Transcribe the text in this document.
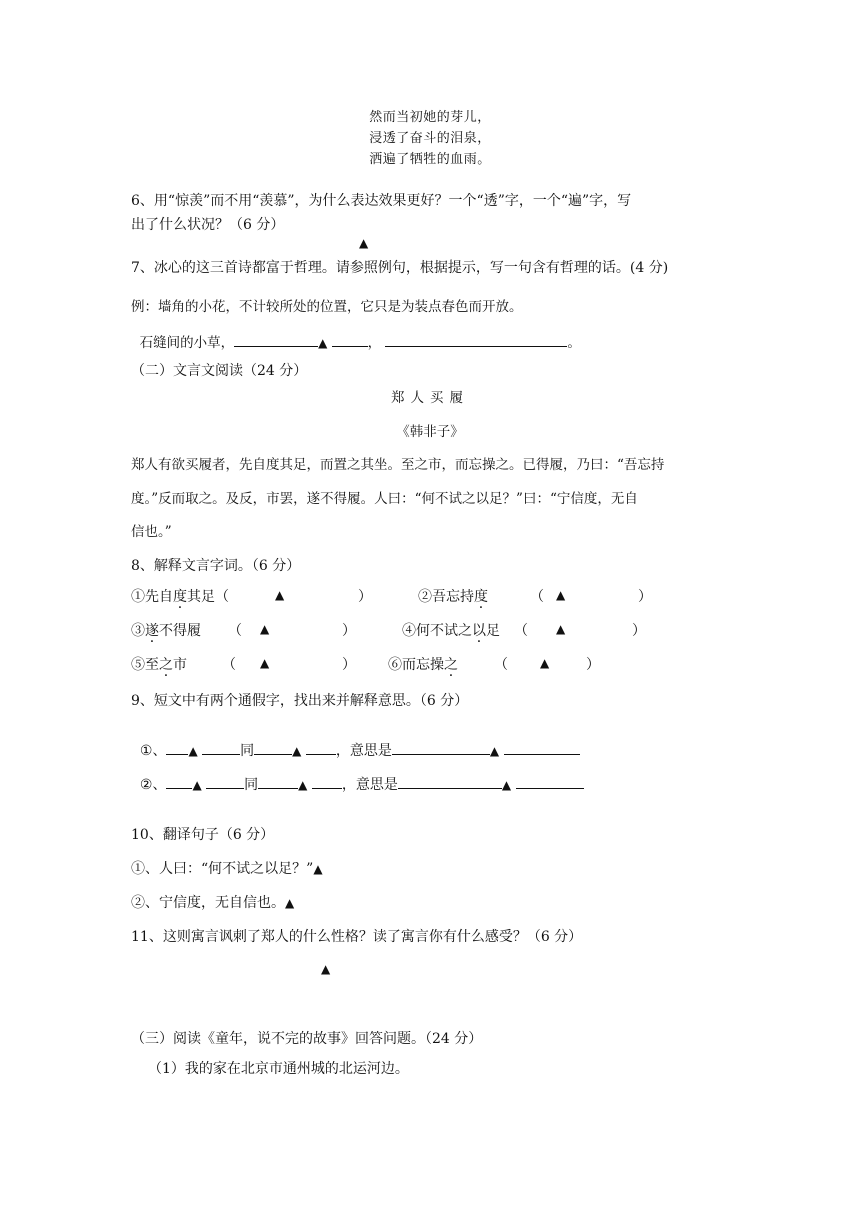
然而当初她的芽儿，
浸透了奋斗的泪泉，
洒遍了牺牲的血雨。
6、用“惊羡”而不用“羡慕”，为什么表达效果更好？一个“透”字，一个“遍”字，写
出了什么状况？（6 分）
▲
7、冰心的这三首诗都富于哲理。请参照例句，根据提示，写一句含有哲理的话。(4 分)
例：墙角的小花，不计较所处的位置，它只是为装点春色而开放。

石缝间的小草，	▲	，	。

（二）文言文阅读（24 分）
郑人买履
《韩非子》
郑人有欲买履者，先自度其足，而置之其坐。至之市，而忘操之。已得履，乃曰：“吾忘持
度。”反而取之。及反，市罢，遂不得履。人曰：“何不试之以足？”曰：“宁信度，无自
信也。”
8、解释文言字词。（6 分）
①先自度其足（	▲	）	②吾忘持度	（ ▲	）
③遂不得履 （ ▲	）	④何不试之以足 （ ▲	）
⑤至之市	（ ▲	） ⑥而忘操之	（	▲	）
9、短文中有两个通假字，找出来并解释意思。（6 分）

①、 ▲	同	▲ ，意思是	▲

②、 ▲	同	▲ ，意思是	▲

10、翻译句子（6 分）
①、人曰：“何不试之以足？”▲
②、宁信度，无自信也。▲
11、这则寓言讽刺了郑人的什么性格？读了寓言你有什么感受？（6 分）
▲
（三）阅读《童年，说不完的故事》回答问题。（24 分）
（1）我的家在北京市通州城的北运河边。
